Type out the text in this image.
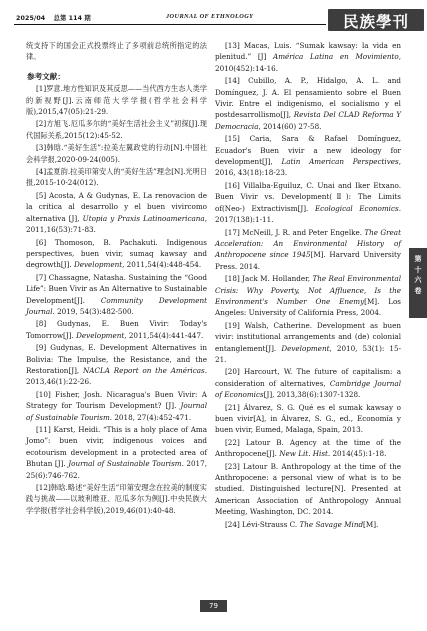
2025/04 总第 114 期	JOURNAL OF ETHNOLOGY	民族學刊
第
十
六
卷

统支持下的国会正式投票终止了多项前总统所指定的法律。

参考文献：

[1]罗意.地方性知识及其反思——当代西方生态人类学的新视野[J].云南师范大学学报(哲学社会科学版),2015,47(05):21-29.

[2]方旭飞.厄瓜多尔的“美好生活社会主义”初探[J].现代国际关系,2015(12):45-52.

[3]韩晗.“美好生活”:拉美左翼政党的行动[N].中国社会科学报,2020-09-24(005).

[4]孟夏韵.拉美印第安人的“美好生活”理念[N].光明日报,2015-10-24(012).

[5] Acosta, A & Gudynas, E. La renovacion de la critica al desarrollo y el buen vivircomo alternativa [J], Utopia y Praxis Latinoamericana, 2011,16(53):71-83.

[6] Thomoson, B. Pachakuti. Indigenous perspectives, buen vivir, sumaq kawsay and degrowth[J]. Development, 2011,54(4):448-454.

[7] Chassagne, Natasha. Sustaining the “Good Life”: Buen Vivir as An Alternative to Sustainable Development[J]. Community Development Journal. 2019, 54(3):482-500.

[8] Gudynas, E. Buen Vivir: Today's Tomorrow[J]. Development, 2011,54(4):441-447.

[9] Gudynas, E. Development Alternatives in Bolivia: The Impulse, the Resistance, and the Restoration[J], NACLA Report on the Américas. 2013,46(1):22-26.

[10] Fisher, Josh. Nicaragua's Buen Vivir: A Strategy for Tourism Development? [J]. Journal of Sustainable Tourism. 2018, 27(4):452-471.

[11] Karst, Heidi. “This is a holy place of Ama Jomo”: buen vivir, indigenous voices and ecotourism development in a protected area of Bhutan [J]. Journal of Sustainable Tourism. 2017, 25(6):746-762.

[12]韩晗.略述“美好生活”印第安理念在拉美的制度实践与挑战——以玻利维亚、厄瓜多尔为例[J].中央民族大学学报(哲学社会科学版),2019,46(01):40-48.

[13] Macas, Luis. “Sumak kawsay: la vida en plenitud.” [J] América Latina en Movimiento, 2010(452):14-16.

[14] Cubillo, A. P., Hidalgo, A. L. and Domínguez, J. A. El pensamiento sobre el Buen Vivir. Entre el indigenismo, el socialismo y el postdesarrollismo[J], Revista Del CLAD Reforma Y Democracia, 2014(60) 27-58.

[15] Caria, Sara & Rafael Domínguez, Ecuador's Buen vivir a new ideology for development[J], Latin American Perspectives, 2016, 43(18):18-23.

[16] Villalba-Eguiluz, C. Unai and Iker Etxano. Buen Vivir vs. Development(Ⅱ): The Limits of(Neo-) Extractivism[J]. Ecological Economics. 2017(138):1-11.

[17] McNeill, J. R. and Peter Engelke. The Great Acceleration: An Environmental History of Anthropocene since 1945[M]. Harvard University Press. 2014.

[18] Jack M. Hollander, The Real Environmental Crisis: Why Poverty, Not Affluence, Is the Environment's Number One Enemy[M]. Los Angeles: University of California Press, 2004.

[19] Walsh, Catherine. Development as buen vivir: institutional arrangements and (de) colonial entanglement[J]. Development, 2010, 53(1): 15-21.

[20] Harcourt, W. The future of capitalism: a consideration of alternatives, Cambridge Journal of Economics[J], 2013,38(6):1307-1328.

[21] Álvarez, S. G. Qué es el sumak kawsay o buen vivir[A], in Álvarez, S. G., ed., Economía y buen vivir, Eumed, Malaga, Spain, 2013.

[22] Latour B. Agency at the time of the Anthropocene[J]. New Lit. Hist. 2014(45):1-18.

[23] Latour B. Anthropology at the time of the Anthropocene: a personal view of what is to be studied. Distinguished lecture[N]. Presented at American Association of Anthropology Annual Meeting, Washington, DC. 2014.

[24] Lévi-Strauss C. The Savage Mind[M].

79
